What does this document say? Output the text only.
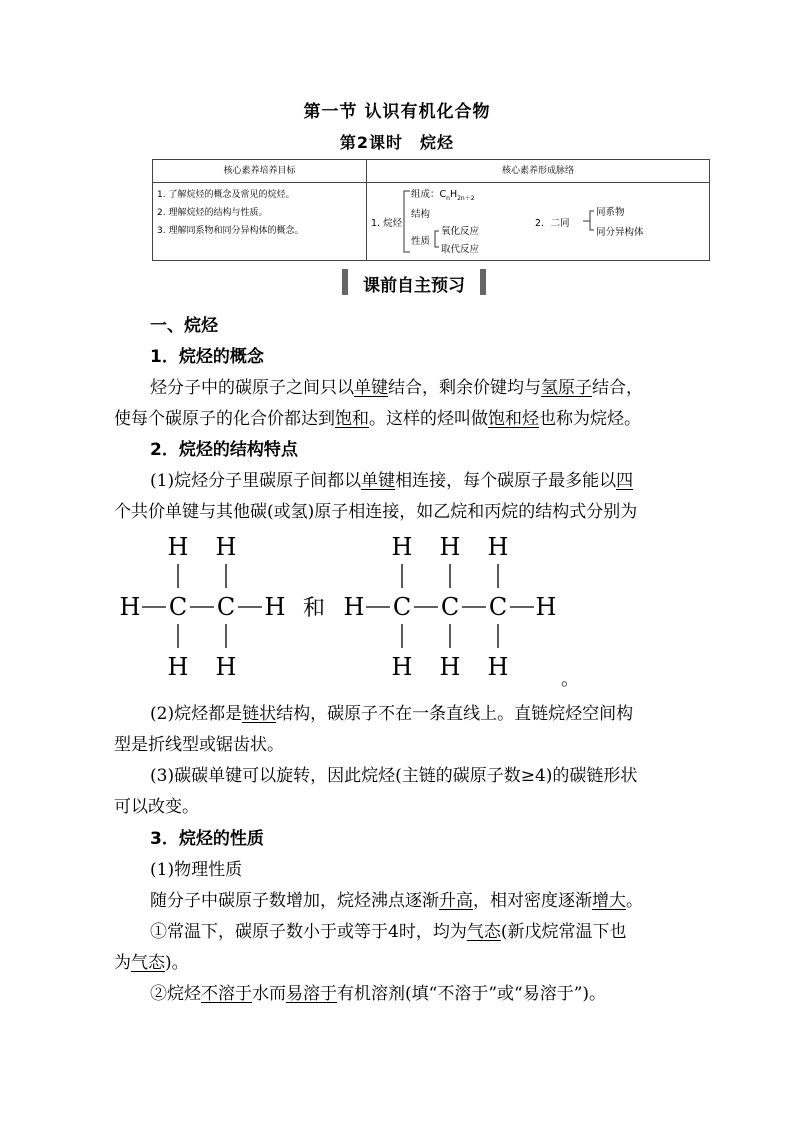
第一节 认识有机化合物
第2课时　烷烃
核心素养培养目标	核心素养形成脉络
1. 了解烷烃的概念及常见的烷烃。
2. 理解烷烃的结构与性质。
3. 理解同系物和同分异构体的概念。
1. 烷烃
组成：$C_nH_{2n+2}$
结构
性质
氧化反应
取代反应
2．二同
同系物
同分异构体
课前自主预习
一、烷烃
1．烷烃的概念
烃分子中的碳原子之间只以单键结合，剩余价键均与氢原子结合，
使每个碳原子的化合价都达到饱和。这样的烃叫做饱和烃也称为烷烃。
2．烷烃的结构特点
(1)烷烃分子里碳原子间都以单键相连接，每个碳原子最多能以四
个共价单键与其他碳(或氢)原子相连接，如乙烷和丙烷的结构式分别为
H H
H C C H
H H
和
H H H
H C C C H
H H H	。
(2)烷烃都是链状结构，碳原子不在一条直线上。直链烷烃空间构
型是折线型或锯齿状。
(3)碳碳单键可以旋转，因此烷烃(主链的碳原子数≥4)的碳链形状
可以改变。
3．烷烃的性质
(1)物理性质
随分子中碳原子数增加，烷烃沸点逐渐升高，相对密度逐渐增大。
①常温下，碳原子数小于或等于4时，均为气态(新戊烷常温下也
为气态)。
②烷烃不溶于水而易溶于有机溶剂(填“不溶于”或“易溶于”)。
